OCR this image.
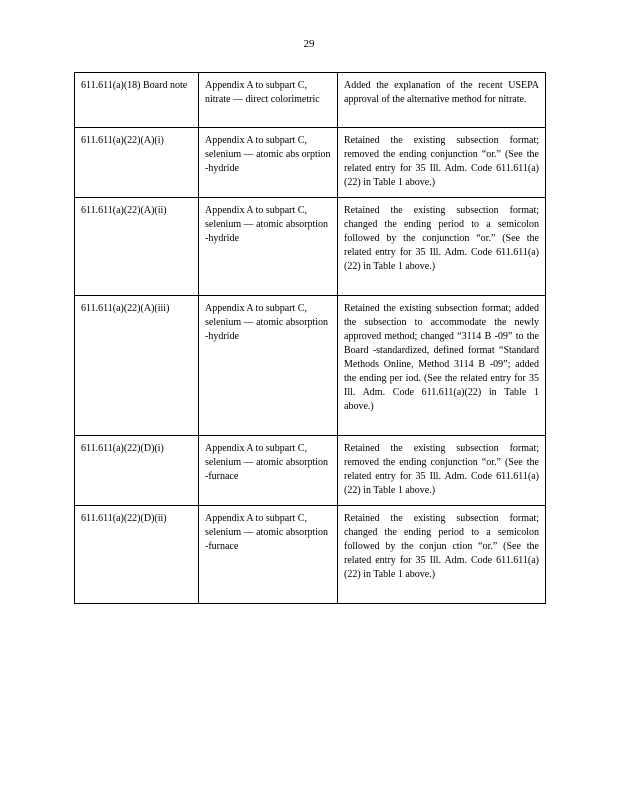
29
611.611(a)(18) Board note	Appendix A to subpart C, nitrate — direct colorimetric	Added the explanation of the recent USEPA approval of the alternative method for nitrate.
611.611(a)(22)(A)(i)	Appendix A to subpart C, selenium — atomic abs orption -hydride	Retained the existing subsection format; removed the ending conjunction “or.” (See the related entry for 35 Ill. Adm. Code 611.611(a)(22) in Table 1 above.)
611.611(a)(22)(A)(ii)	Appendix A to subpart C, selenium — atomic absorption -hydride	Retained the existing subsection format; changed the ending period to a semicolon followed by the conjunction “or.” (See the related entry for 35 Ill. Adm. Code 611.611(a)(22) in Table 1 above.)
611.611(a)(22)(A)(iii)	Appendix A to subpart C, selenium — atomic absorption -hydride	Retained the existing subsection format; added the subsection to accommodate the newly approved method; changed “3114 B -09” to the Board -standardized, defined format “Standard Methods Online, Method 3114 B -09”; added the ending per iod. (See the related entry for 35 Ill. Adm. Code 611.611(a)(22) in Table 1 above.)
611.611(a)(22)(D)(i)	Appendix A to subpart C, selenium — atomic absorption -furnace	Retained the existing subsection format; removed the ending conjunction “or.” (See the related entry for 35 Ill. Adm. Code 611.611(a)(22) in Table 1 above.)
611.611(a)(22)(D)(ii)	Appendix A to subpart C, selenium — atomic absorption -furnace	Retained the existing subsection format; changed the ending period to a semicolon followed by the conjun ction “or.” (See the related entry for 35 Ill. Adm. Code 611.611(a)(22) in Table 1 above.)
